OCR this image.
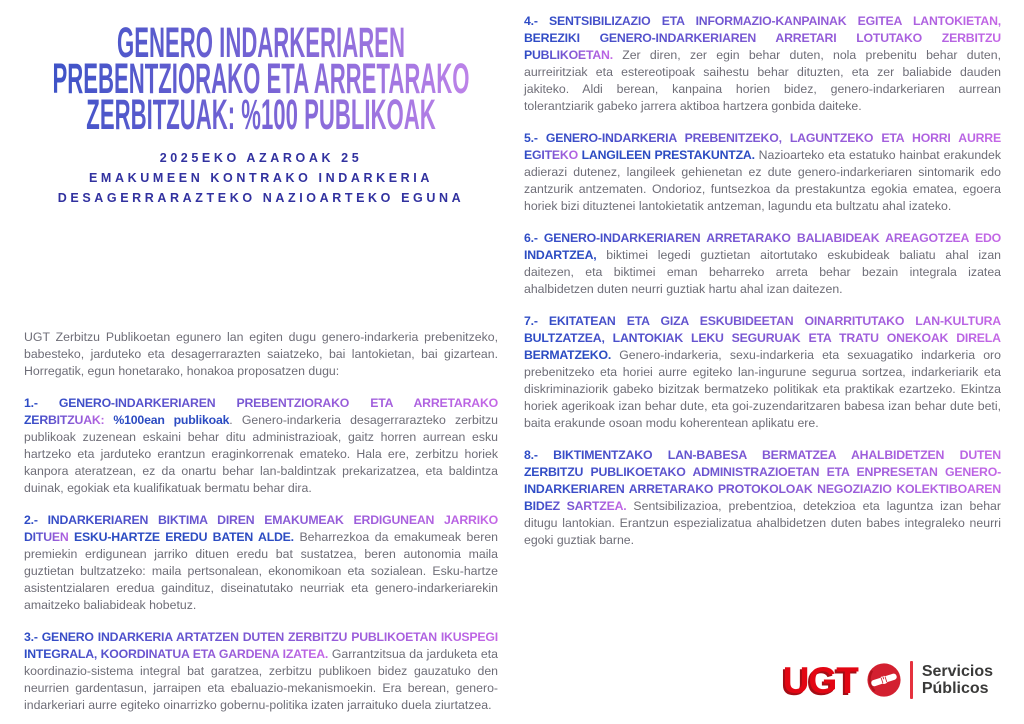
GENERO INDARKERIAREN
PREBENTZIORAKO ETA ARRETARAKO
ZERBITZUAK: %100 PUBLIKOAK
2025EKO AZAROAK 25
EMAKUMEEN KONTRAKO INDARKERIA
DESAGERRARAZTEKO NAZIOARTEKO EGUNA

UGT Zerbitzu Publikoetan egunero lan egiten dugu genero-indarkeria prebenitzeko, babesteko, jarduteko eta desagerrarazten saiatzeko, bai lantokietan, bai gizartean. Horregatik, egun honetarako, honakoa proposatzen dugu:

1.- GENERO-INDARKERIAREN PREBENTZIORAKO ETA ARRETARAKO ZERBITZUAK: %100ean publikoak. Genero-indarkeria desagerrarazteko zerbitzu publikoak zuzenean eskaini behar ditu administrazioak, gaitz horren aurrean esku hartzeko eta jarduteko erantzun eraginkorrenak emateko. Hala ere, zerbitzu horiek kanpora ateratzean, ez da onartu behar lan-baldintzak prekarizatzea, eta baldintza duinak, egokiak eta kualifikatuak bermatu behar dira.

2.- INDARKERIAREN BIKTIMA DIREN EMAKUMEAK ERDIGUNEAN JARRIKO DITUEN ESKU-HARTZE EREDU BATEN ALDE. Beharrezkoa da emakumeak beren premiekin erdigunean jarriko dituen eredu bat sustatzea, beren autonomia maila guztietan bultzatzeko: maila pertsonalean, ekonomikoan eta sozialean. Esku-hartze asistentzialaren eredua gaindituz, diseinatutako neurriak eta genero-indarkeriarekin amaitzeko baliabideak hobetuz.

3.- GENERO INDARKERIA ARTATZEN DUTEN ZERBITZU PUBLIKOETAN IKUSPEGI INTEGRALA, KOORDINATUA ETA GARDENA IZATEA. Garrantzitsua da jarduketa eta koordinazio-sistema integral bat garatzea, zerbitzu publikoen bidez gauzatuko den neurrien gardentasun, jarraipen eta ebaluazio-mekanismoekin. Era berean, genero-indarkeriari aurre egiteko oinarrizko gobernu-politika izaten jarraituko duela ziurtatzea.

4.- SENTSIBILIZAZIO ETA INFORMAZIO-KANPAINAK EGITEA LANTOKIETAN, BEREZIKI GENERO-INDARKERIAREN ARRETARI LOTUTAKO ZERBITZU PUBLIKOETAN. Zer diren, zer egin behar duten, nola prebenitu behar duten, aurreiritziak eta estereotipoak saihestu behar dituzten, eta zer baliabide dauden jakiteko. Aldi berean, kanpaina horien bidez, genero-indarkeriaren aurrean tolerantziarik gabeko jarrera aktiboa hartzera gonbida daiteke.

5.- GENERO-INDARKERIA PREBENITZEKO, LAGUNTZEKO ETA HORRI AURRE EGITEKO LANGILEEN PRESTAKUNTZA. Nazioarteko eta estatuko hainbat erakundek adierazi dutenez, langileek gehienetan ez dute genero-indarkeriaren sintomarik edo zantzurik antzematen. Ondorioz, funtsezkoa da prestakuntza egokia ematea, egoera horiek bizi dituztenei lantokietatik antzeman, lagundu eta bultzatu ahal izateko.

6.- GENERO-INDARKERIAREN ARRETARAKO BALIABIDEAK AREAGOTZEA EDO INDARTZEA, biktimei legedi guztietan aitortutako eskubideak baliatu ahal izan daitezen, eta biktimei eman beharreko arreta behar bezain integrala izatea ahalbidetzen duten neurri guztiak hartu ahal izan daitezen.

7.- EKITATEAN ETA GIZA ESKUBIDEETAN OINARRITUTAKO LAN-KULTURA BULTZATZEA, LANTOKIAK LEKU SEGURUAK ETA TRATU ONEKOAK DIRELA BERMATZEKO. Genero-indarkeria, sexu-indarkeria eta sexuagatiko indarkeria oro prebenitzeko eta horiei aurre egiteko lan-ingurune segurua sortzea, indarkeriarik eta diskriminaziorik gabeko bizitzak bermatzeko politikak eta praktikak ezartzeko. Ekintza horiek agerikoak izan behar dute, eta goi-zuzendaritzaren babesa izan behar dute beti, baita erakunde osoan modu koherentean aplikatu ere.

8.- BIKTIMENTZAKO LAN-BABESA BERMATZEA AHALBIDETZEN DUTEN ZERBITZU PUBLIKOETAKO ADMINISTRAZIOETAN ETA ENPRESETAN GENERO-INDARKERIAREN ARRETARAKO PROTOKOLOAK NEGOZIAZIO KOLEKTIBOAREN BIDEZ SARTZEA. Sentsibilizazioa, prebentzioa, detekzioa eta laguntza izan behar ditugu lantokian. Erantzun espezializatua ahalbidetzen duten babes integraleko neurri egoki guztiak barne.

UGT	Servicios
Públicos
